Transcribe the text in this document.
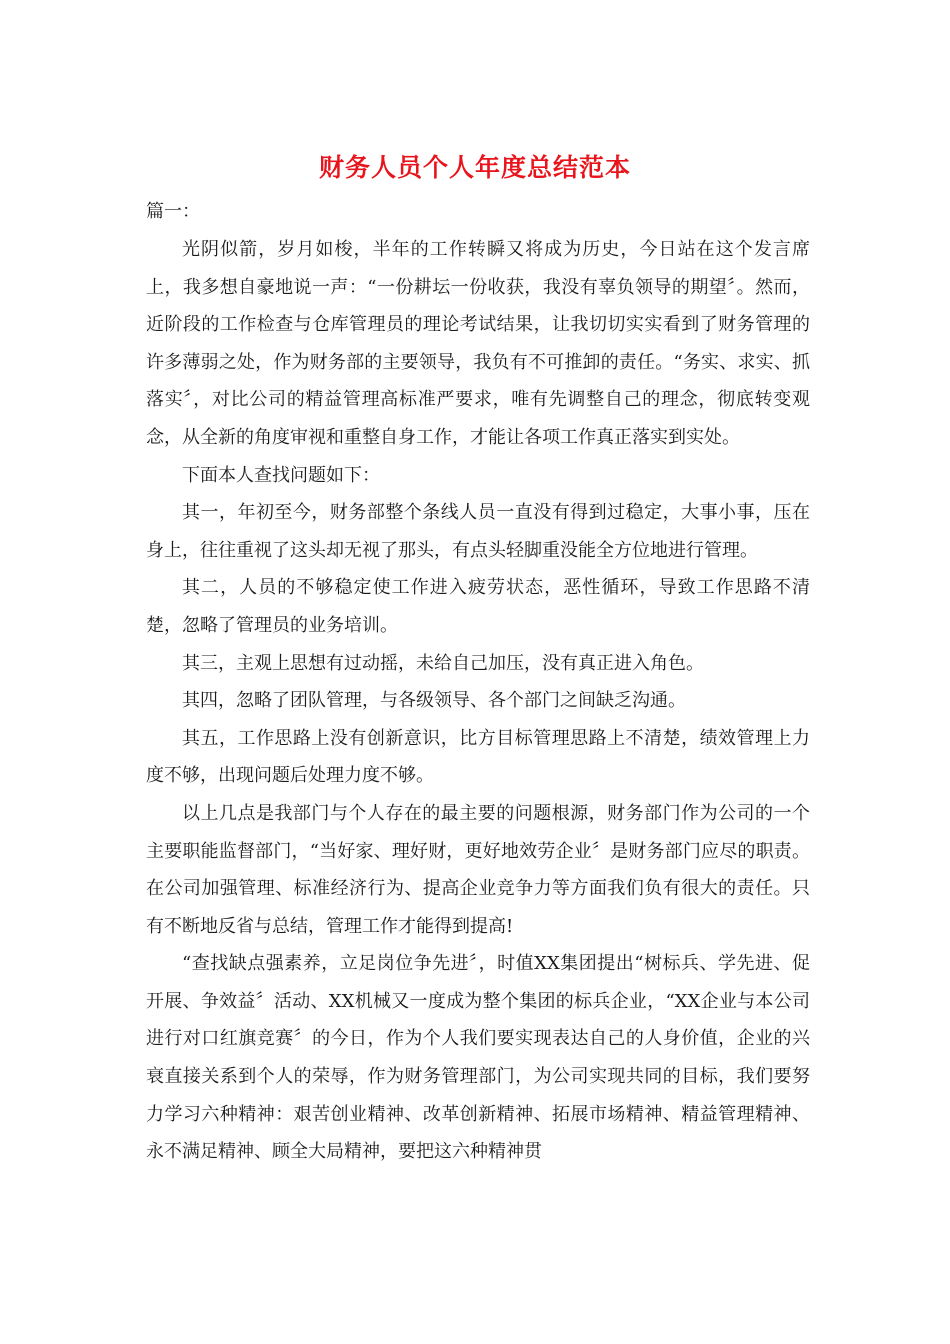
财务人员个人年度总结范本
篇一：

光阴似箭，岁月如梭，半年的工作转瞬又将成为历史，今日站在这个发言席上，我多想自豪地说一声：“一份耕坛一份收获，我没有辜负领导的期望〞。然而，近阶段的工作检查与仓库管理员的理论考试结果，让我切切实实看到了财务管理的许多薄弱之处，作为财务部的主要领导，我负有不可推卸的责任。“务实、求实、抓落实〞，对比公司的精益管理高标准严要求，唯有先调整自己的理念，彻底转变观念，从全新的角度审视和重整自身工作，才能让各项工作真正落实到实处。

下面本人查找问题如下：

其一，年初至今，财务部整个条线人员一直没有得到过稳定，大事小事，压在身上，往往重视了这头却无视了那头，有点头轻脚重没能全方位地进行管理。

其二，人员的不够稳定使工作进入疲劳状态，恶性循环，导致工作思路不清楚，忽略了管理员的业务培训。

其三，主观上思想有过动摇，未给自己加压，没有真正进入角色。

其四，忽略了团队管理，与各级领导、各个部门之间缺乏沟通。

其五，工作思路上没有创新意识，比方目标管理思路上不清楚，绩效管理上力度不够，出现问题后处理力度不够。

以上几点是我部门与个人存在的最主要的问题根源，财务部门作为公司的一个主要职能监督部门，“当好家、理好财，更好地效劳企业〞是财务部门应尽的职责。在公司加强管理、标准经济行为、提高企业竞争力等方面我们负有很大的责任。只有不断地反省与总结，管理工作才能得到提高!

“查找缺点强素养，立足岗位争先进〞，时值XX集团提出“树标兵、学先进、促开展、争效益〞活动、XX机械又一度成为整个集团的标兵企业，“XX企业与本公司进行对口红旗竞赛〞的今日，作为个人我们要实现表达自己的人身价值，企业的兴衰直接关系到个人的荣辱，作为财务管理部门，为公司实现共同的目标，我们要努力学习六种精神：艰苦创业精神、改革创新精神、拓展市场精神、精益管理精神、永不满足精神、顾全大局精神，要把这六种精神贯
